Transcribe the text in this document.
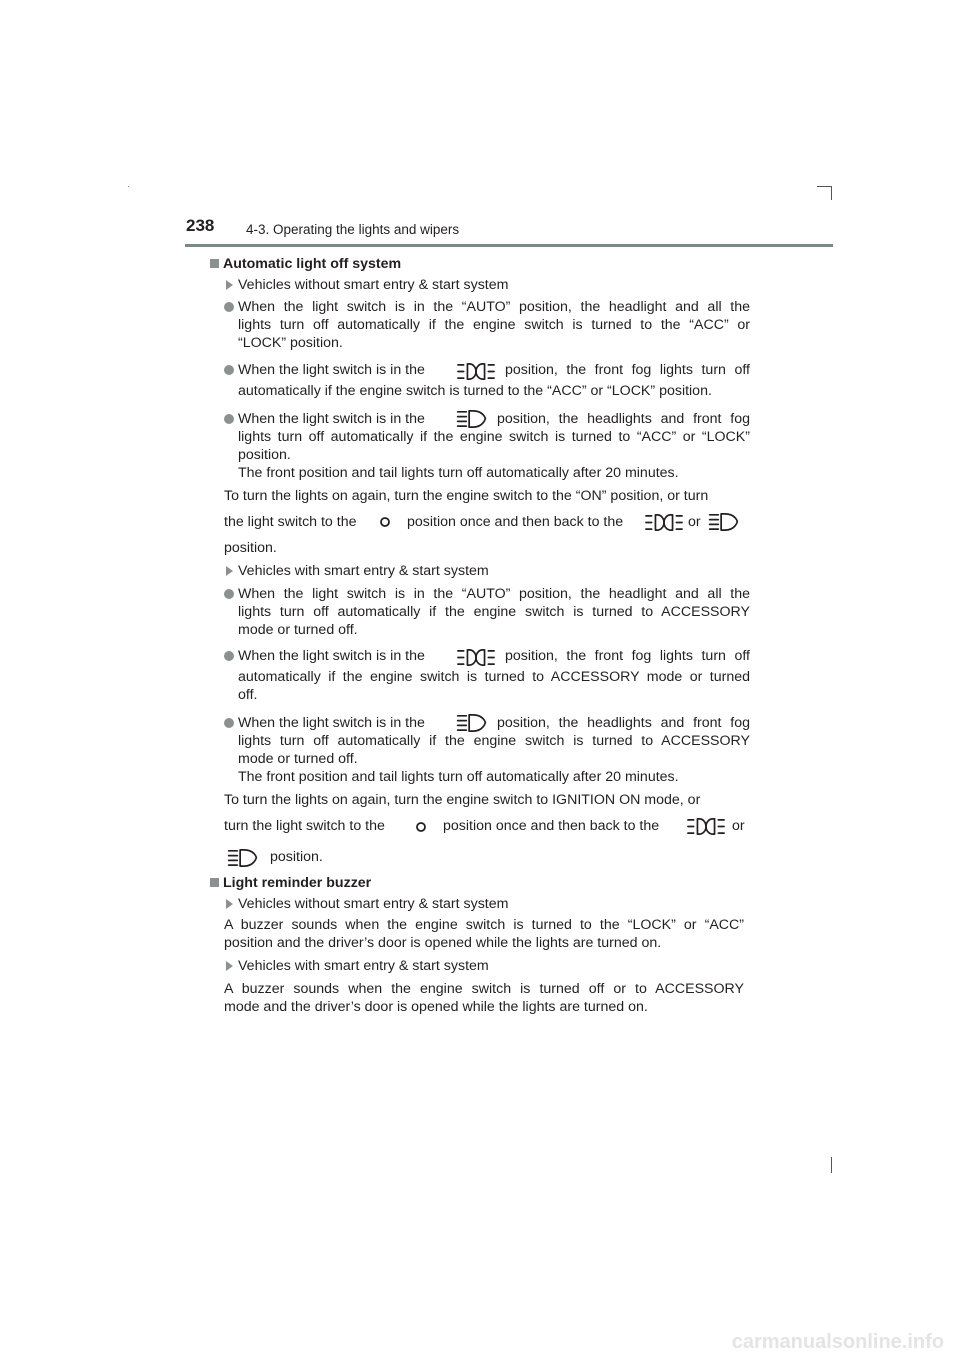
238 4-3. Operating the lights and wipers
Automatic light off system
Vehicles without smart entry & start system
When the light switch is in the “AUTO” position, the headlight and all the
lights turn off automatically if the engine switch is turned to the “ACC” or
“LOCK” position.
When the light switch is in the	position, the front fog lights turn off
automatically if the engine switch is turned to the “ACC” or “LOCK” position.
When the light switch is in the	position, the headlights and front fog
lights turn off automatically if the engine switch is turned to “ACC” or “LOCK”
position.
The front position and tail lights turn off automatically after 20 minutes.
To turn the lights on again, turn the engine switch to the “ON” position, or turn
the light switch to the	position once and then back to the	or
position.
Vehicles with smart entry & start system
When the light switch is in the “AUTO” position, the headlight and all the
lights turn off automatically if the engine switch is turned to ACCESSORY
mode or turned off.
When the light switch is in the	position, the front fog lights turn off
automatically if the engine switch is turned to ACCESSORY mode or turned
off.
When the light switch is in the	position, the headlights and front fog
lights turn off automatically if the engine switch is turned to ACCESSORY
mode or turned off.
The front position and tail lights turn off automatically after 20 minutes.
To turn the lights on again, turn the engine switch to IGNITION ON mode, or
turn the light switch to the	position once and then back to the	or
position.
Light reminder buzzer
Vehicles without smart entry & start system
A buzzer sounds when the engine switch is turned to the “LOCK” or “ACC”
position and the driver’s door is opened while the lights are turned on.
Vehicles with smart entry & start system
A buzzer sounds when the engine switch is turned off or to ACCESSORY
mode and the driver’s door is opened while the lights are turned on.
carmanualsonline.info
